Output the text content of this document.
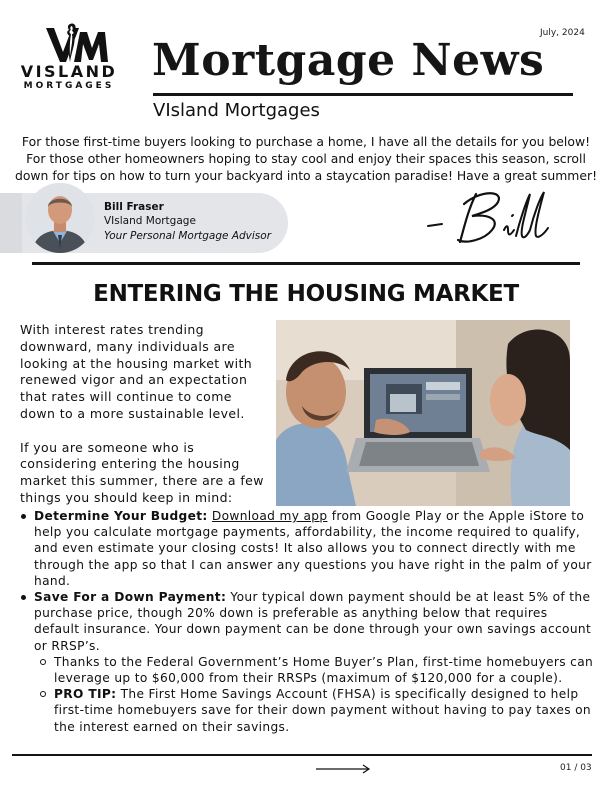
VISLAND
MORTGAGES
July, 2024
Mortgage News
VIsland Mortgages
For those first-time buyers looking to purchase a home, I have all the details for you below! For those other homeowners hoping to stay cool and enjoy their spaces this season, scroll down for tips on how to turn your backyard into a staycation paradise! Have a great summer!
Bill Fraser
VIsland Mortgage
Your Personal Mortgage Advisor
ENTERING THE HOUSING MARKET

With interest rates trending downward, many individuals are looking at the housing market with renewed vigor and an expectation that rates will continue to come down to a more sustainable level.

If you are someone who is considering entering the housing market this summer, there are a few things you should keep in mind:

Determine Your Budget: Download my app from Google Play or the Apple iStore to help you calculate mortgage payments, affordability, the income required to qualify, and even estimate your closing costs! It also allows you to connect directly with me through the app so that I can answer any questions you have right in the palm of your hand.
Save For a Down Payment: Your typical down payment should be at least 5% of the purchase price, though 20% down is preferable as anything below that requires default insurance. Your down payment can be done through your own savings account or RRSP’s.
Thanks to the Federal Government’s Home Buyer’s Plan, first-time homebuyers can leverage up to $60,000 from their RRSPs (maximum of $120,000 for a couple).
PRO TIP: The First Home Savings Account (FHSA) is specifically designed to help first-time homebuyers save for their down payment without having to pay taxes on the interest earned on their savings.
01 / 03
